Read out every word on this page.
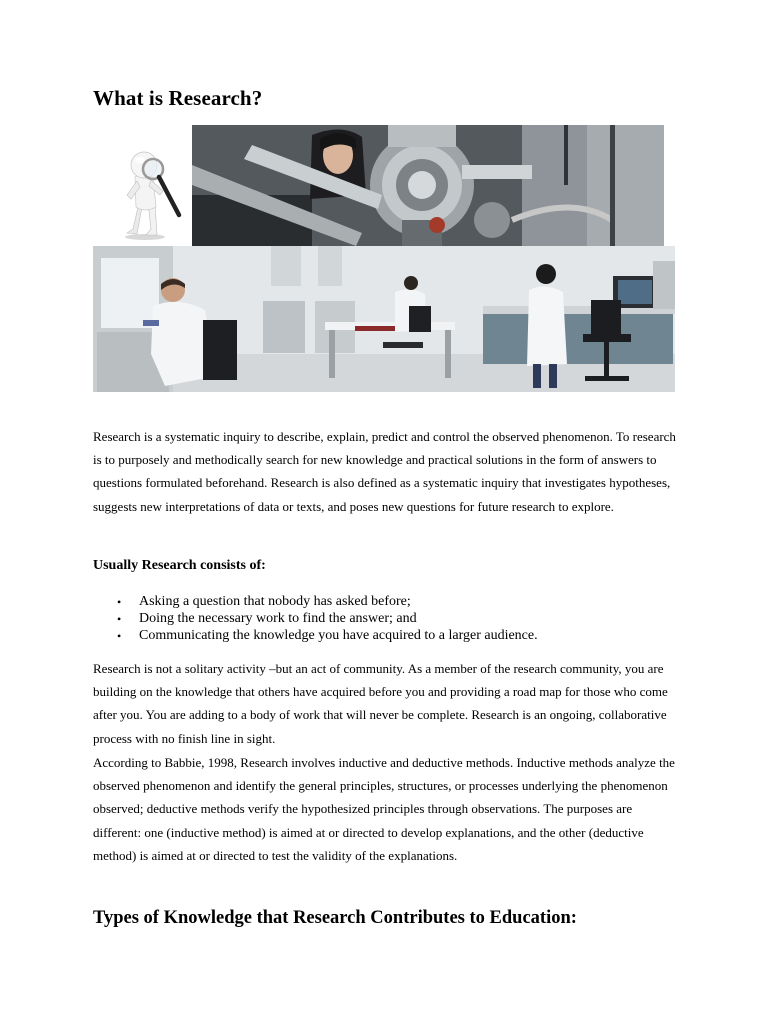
What is Research?

Research is a systematic inquiry to describe, explain, predict and control the observed phenomenon. To research is to purposely and methodically search for new knowledge and practical solutions in the form of answers to questions formulated beforehand. Research is also defined as a systematic inquiry that investigates hypotheses, suggests new interpretations of data or texts, and poses new questions for future research to explore.

Usually Research consists of:

• Asking a question that nobody has asked before;
• Doing the necessary work to find the answer; and
• Communicating the knowledge you have acquired to a larger audience.

Research is not a solitary activity –but an act of community. As a member of the research community, you are building on the knowledge that others have acquired before you and providing a road map for those who come after you. You are adding to a body of work that will never be complete. Research is an ongoing, collaborative process with no finish line in sight.

According to Babbie, 1998, Research involves inductive and deductive methods. Inductive methods analyze the observed phenomenon and identify the general principles, structures, or processes underlying the phenomenon observed; deductive methods verify the hypothesized principles through observations. The purposes are different: one (inductive method) is aimed at or directed to develop explanations, and the other (deductive method) is aimed at or directed to test the validity of the explanations.

Types of Knowledge that Research Contributes to Education:
